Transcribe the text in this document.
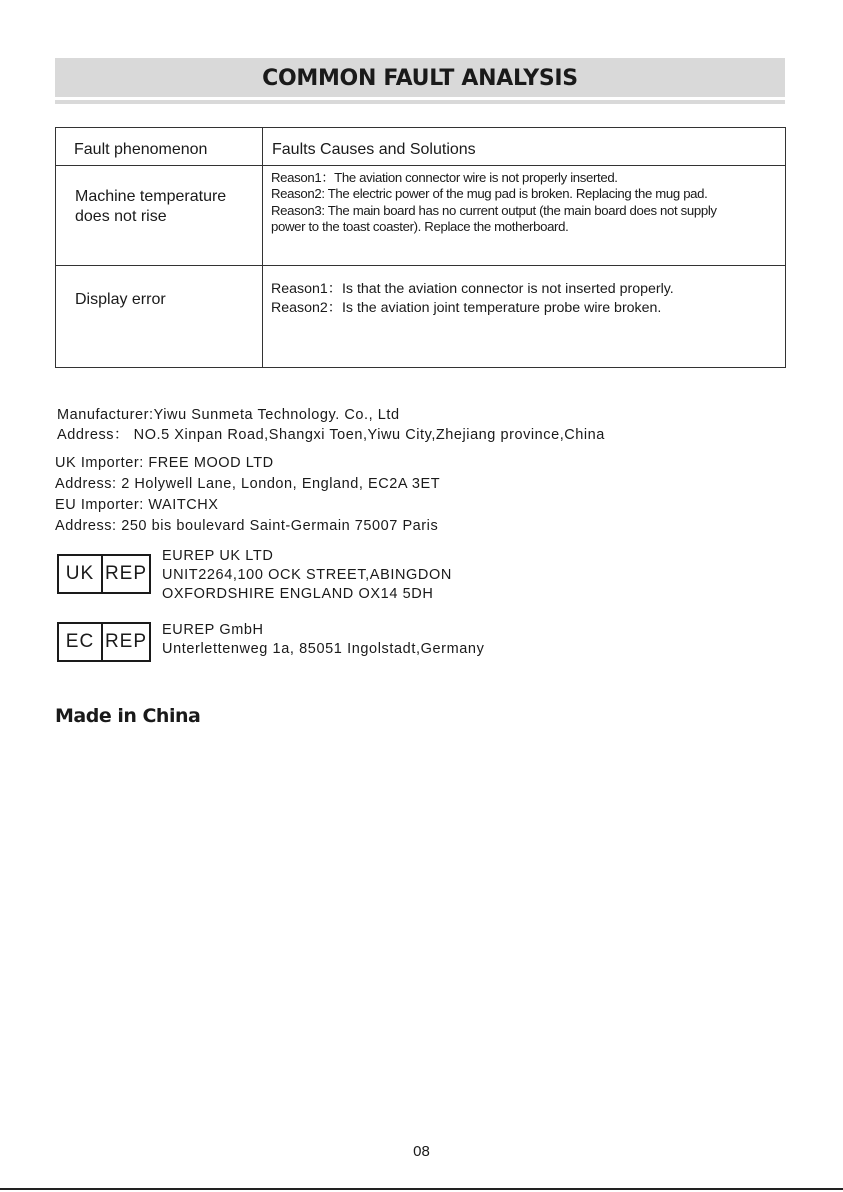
COMMON FAULT ANALYSIS
Fault phenomenon	Faults Causes and Solutions

Machine temperature
does not rise	Reason1：The aviation connector wire is not properly inserted.
Reason2: The electric power of the mug pad is broken. Replacing the mug pad.
Reason3: The main board has no current output (the main board does not supply
power to the toast coaster). Replace the motherboard.

Display error	Reason1：Is that the aviation connector is not inserted properly.
Reason2：Is the aviation joint temperature probe wire broken.
Manufacturer:Yiwu Sunmeta Technology. Co., Ltd
Address： NO.5 Xinpan Road,Shangxi Toen,Yiwu City,Zhejiang province,China
UK Importer: FREE MOOD LTD
Address: 2 Holywell Lane, London, England, EC2A 3ET
EU Importer: WAITCHX
Address: 250 bis boulevard Saint-Germain 75007 Paris
UK REP
EUREP UK LTD
UNIT2264,100 OCK STREET,ABINGDON
OXFORDSHIRE ENGLAND OX14 5DH
EC REP
EUREP GmbH
Unterlettenweg 1a, 85051 Ingolstadt,Germany
Made in China
08
